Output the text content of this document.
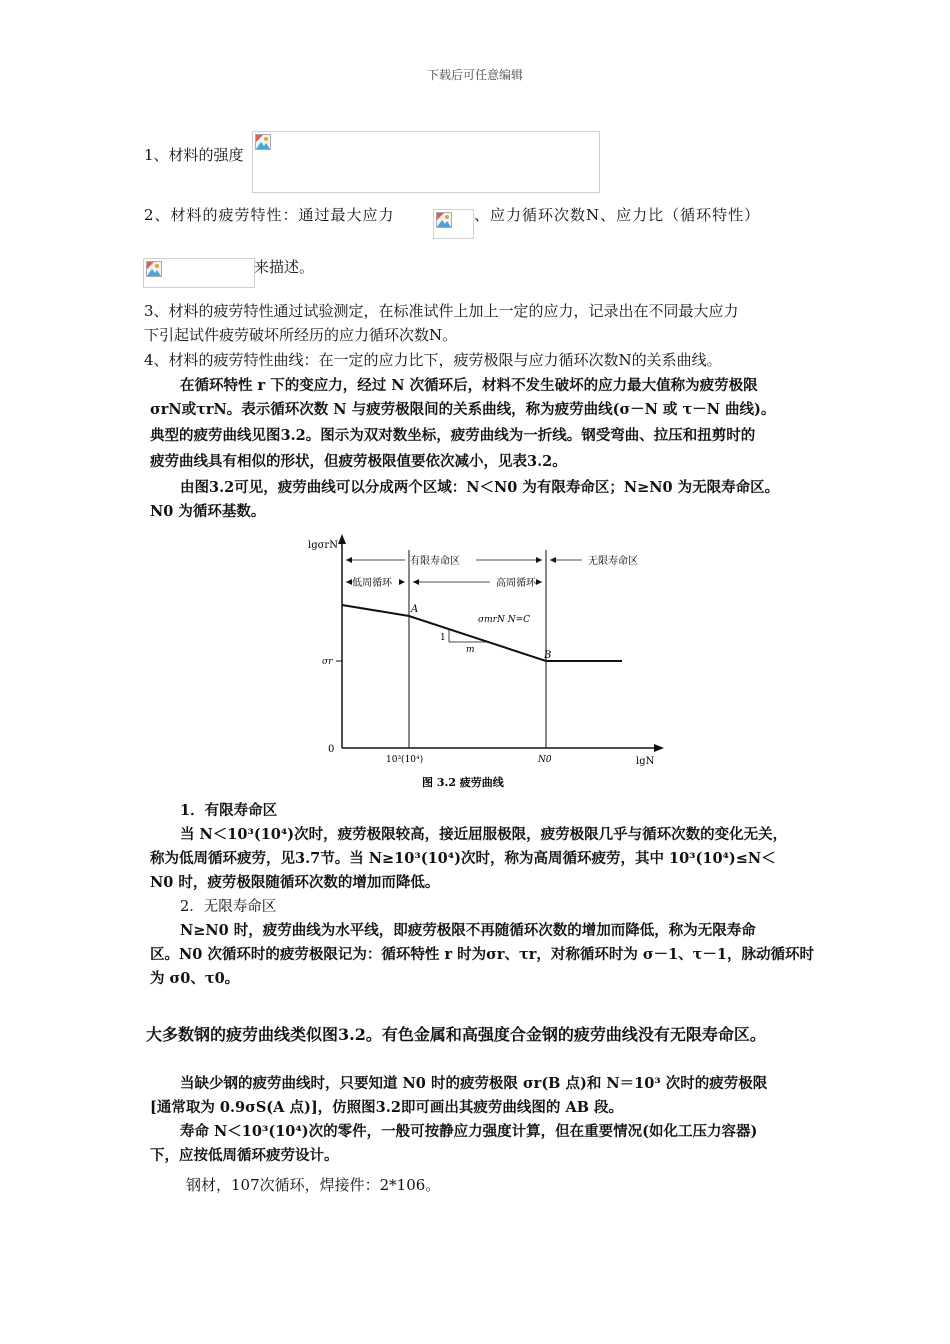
下载后可任意编辑
1、材料的强度
2、材料的疲劳特性：通过最大应力	、应力循环次数N、应力比（循环特性）
来描述。
3、材料的疲劳特性通过试验测定，在标准试件上加上一定的应力，记录出在不同最大应力
下引起试件疲劳破坏所经历的应力循环次数N。
4、材料的疲劳特性曲线：在一定的应力比下，疲劳极限与应力循环次数N的关系曲线。
在循环特性 r 下的变应力，经过 N 次循环后，材料不发生破坏的应力最大值称为疲劳极限
σrN或τrN。表示循环次数 N 与疲劳极限间的关系曲线，称为疲劳曲线(σ－N 或 τ－N 曲线)。
典型的疲劳曲线见图3.2。图示为双对数坐标，疲劳曲线为一折线。钢受弯曲、拉压和扭剪时的
疲劳曲线具有相似的形状，但疲劳极限值要依次减小，见表3.2。
由图3.2可见，疲劳曲线可以分成两个区域：N＜N0 为有限寿命区；N≥N0 为无限寿命区。
N0 为循环基数。
lgσrN
lgN
0
有限寿命区	无限寿命区
低周循环	高周循环
σr
1
m
A
B
σmrN N=C
10³(10⁴)	N0
图 3.2 疲劳曲线
1．有限寿命区
当 N＜10³(10⁴)次时，疲劳极限较高，接近屈服极限，疲劳极限几乎与循环次数的变化无关，
称为低周循环疲劳，见3.7节。当 N≥10³(10⁴)次时，称为高周循环疲劳，其中 10³(10⁴)≤N＜
N0 时，疲劳极限随循环次数的增加而降低。
2．无限寿命区
N≥N0 时，疲劳曲线为水平线，即疲劳极限不再随循环次数的增加而降低，称为无限寿命
区。N0 次循环时的疲劳极限记为：循环特性 r 时为σr、τr，对称循环时为 σ－1、τ－1，脉动循环时
为 σ0、τ0。
大多数钢的疲劳曲线类似图3.2。有色金属和高强度合金钢的疲劳曲线没有无限寿命区。
当缺少钢的疲劳曲线时，只要知道 N0 时的疲劳极限 σr(B 点)和 N＝10³ 次时的疲劳极限
[通常取为 0.9σS(A 点)]，仿照图3.2即可画出其疲劳曲线图的 AB 段。
寿命 N＜10³(10⁴)次的零件，一般可按静应力强度计算，但在重要情况(如化工压力容器)
下，应按低周循环疲劳设计。
钢材，107次循环，焊接件：2*106。
